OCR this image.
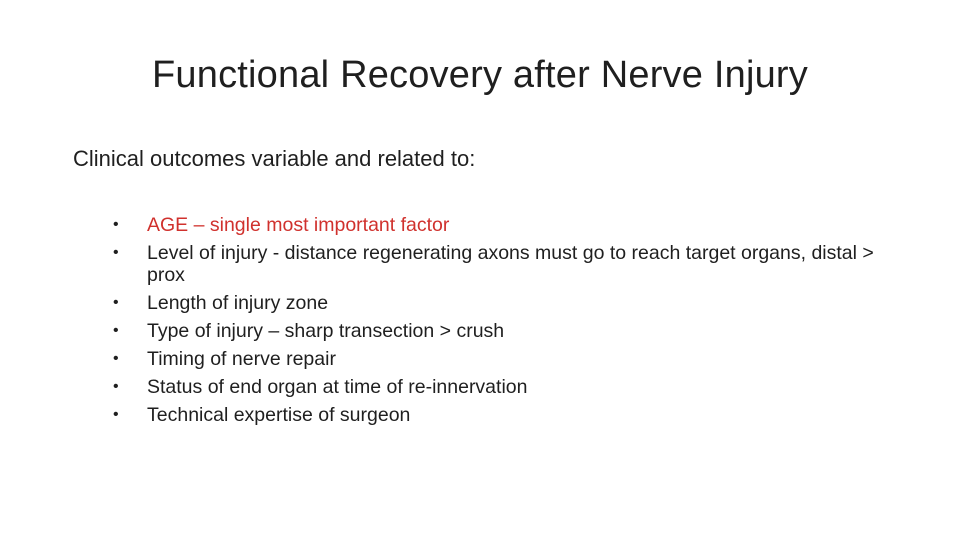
Functional Recovery after Nerve Injury

Clinical outcomes variable and related to:

• AGE – single most important factor
• Level of injury - distance regenerating axons must go to reach target organs, distal > prox
• Length of injury zone
• Type of injury – sharp transection > crush
• Timing of nerve repair
• Status of end organ at time of re-innervation
• Technical expertise of surgeon
